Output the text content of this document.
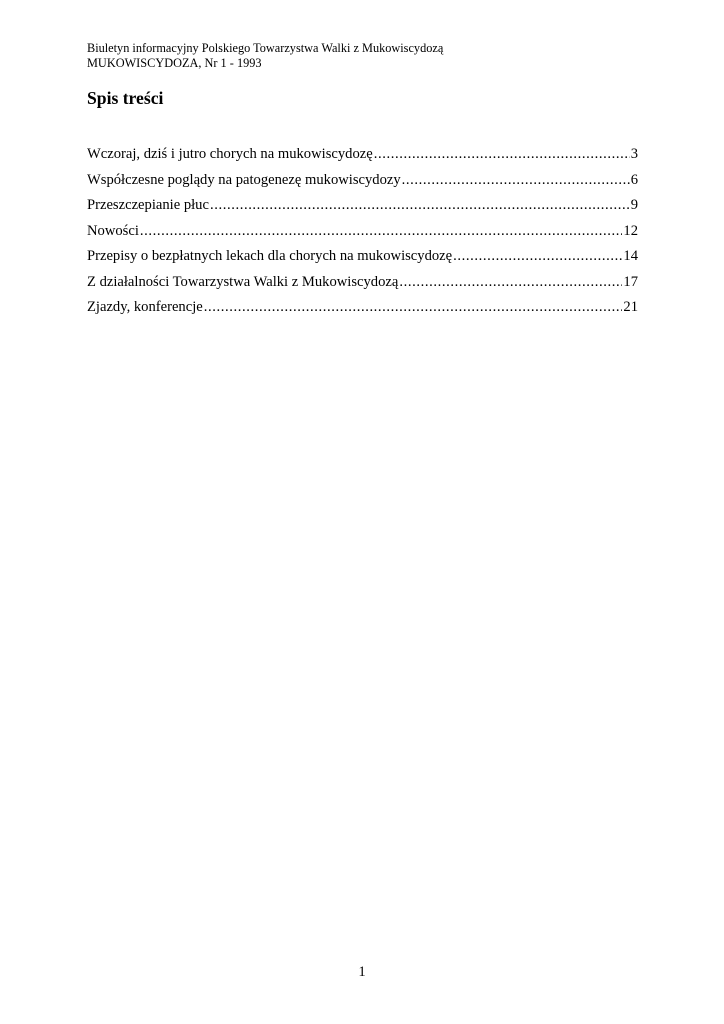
Biuletyn informacyjny Polskiego Towarzystwa Walki z Mukowiscydozą
MUKOWISCYDOZA, Nr 1 - 1993
Spis treści
Wczoraj, dziś i jutro chorych na mukowiscydozę .....	3
Współczesne poglądy na patogenezę mukowiscydozy .....	6
Przeszczepianie płuc .....	9
Nowości .....	12
Przepisy o bezpłatnych lekach dla chorych na mukowiscydozę .....	14
Z działalności Towarzystwa Walki z Mukowiscydozą .....	17
Zjazdy, konferencje .....	21
1
